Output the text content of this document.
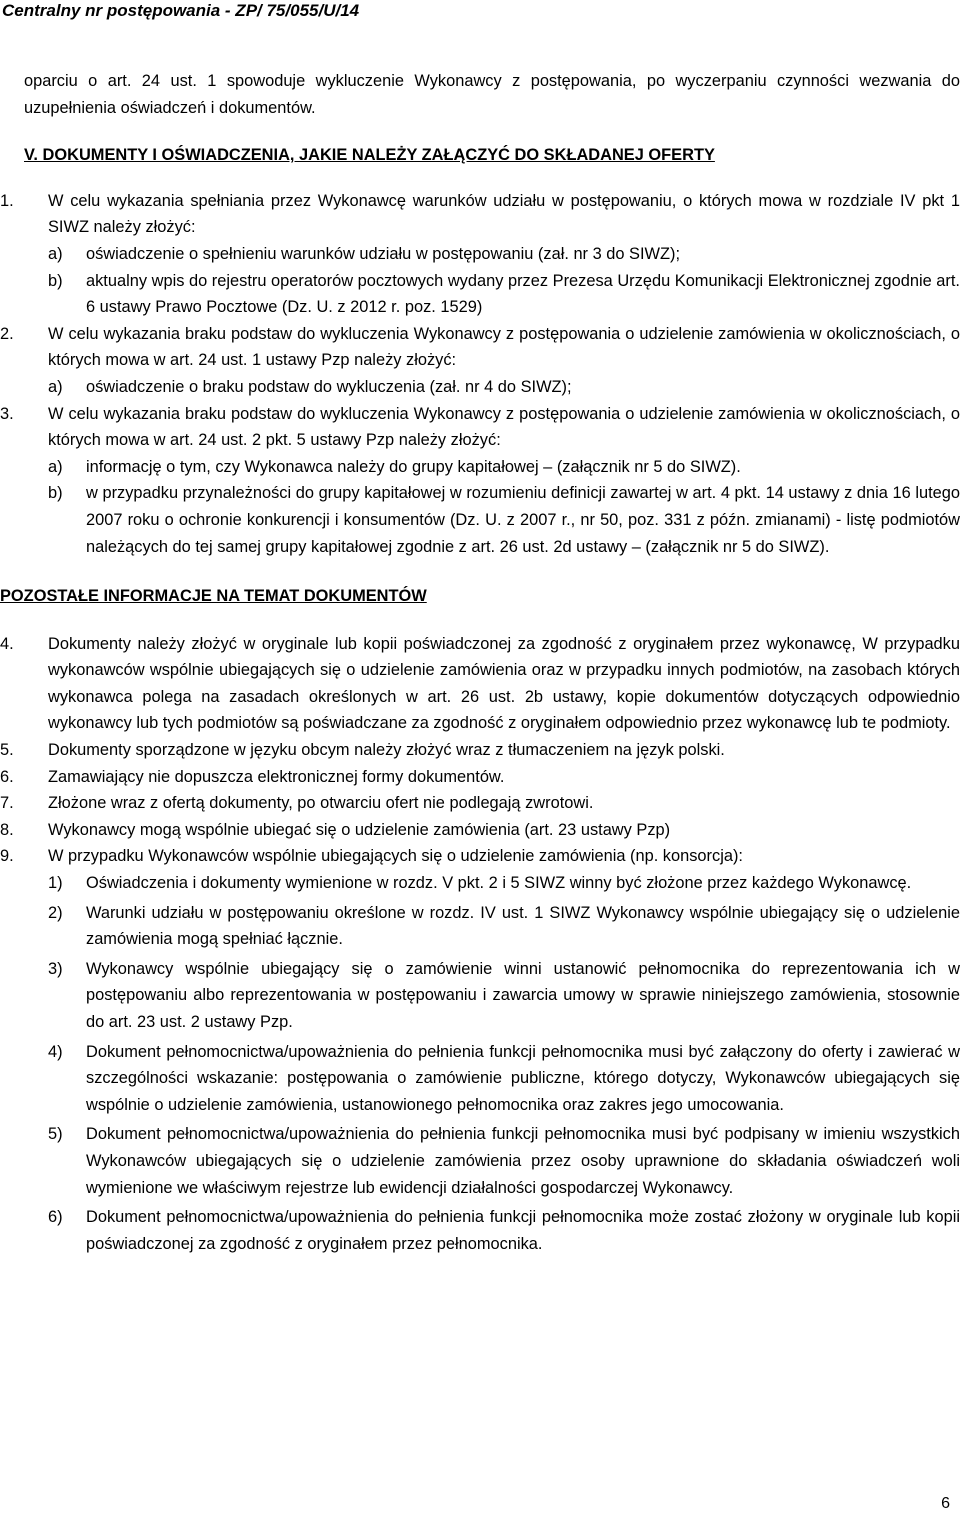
Centralny nr postępowania - ZP/ 75/055/U/14

oparciu o art. 24 ust. 1 spowoduje wykluczenie Wykonawcy z postępowania, po wyczerpaniu czynności wezwania do uzupełnienia oświadczeń i dokumentów.

V. DOKUMENTY I OŚWIADCZENIA, JAKIE NALEŻY ZAŁĄCZYĆ DO SKŁADANEJ OFERTY

1.	W celu wykazania spełniania przez Wykonawcę warunków udziału w postępowaniu, o których mowa w rozdziale IV pkt 1 SIWZ należy złożyć:
a)	oświadczenie o spełnieniu warunków udziału w postępowaniu (zał. nr 3 do SIWZ);
b)	aktualny wpis do rejestru operatorów pocztowych wydany przez Prezesa Urzędu Komunikacji Elektronicznej zgodnie art. 6 ustawy Prawo Pocztowe (Dz. U. z 2012 r. poz. 1529)
2.	W celu wykazania braku podstaw do wykluczenia Wykonawcy z postępowania o udzielenie zamówienia w okolicznościach, o których mowa w art. 24 ust. 1 ustawy Pzp należy złożyć:
a)	oświadczenie o braku podstaw do wykluczenia (zał. nr 4 do SIWZ);
3.	W celu wykazania braku podstaw do wykluczenia Wykonawcy z postępowania o udzielenie zamówienia w okolicznościach, o których mowa w art. 24 ust. 2 pkt. 5 ustawy Pzp należy złożyć:
a)	informację o tym, czy Wykonawca należy do grupy kapitałowej – (załącznik nr 5 do SIWZ).
b)	w przypadku przynależności do grupy kapitałowej w rozumieniu definicji zawartej w art. 4 pkt. 14 ustawy z dnia 16 lutego 2007 roku o ochronie konkurencji i konsumentów (Dz. U. z 2007 r., nr 50, poz. 331 z późn. zmianami) - listę podmiotów należących do tej samej grupy kapitałowej zgodnie z art. 26 ust. 2d ustawy – (załącznik nr 5 do SIWZ).

POZOSTAŁE INFORMACJE NA TEMAT DOKUMENTÓW

4.	Dokumenty należy złożyć w oryginale lub kopii poświadczonej za zgodność z oryginałem przez wykonawcę, W przypadku wykonawców wspólnie ubiegających się o udzielenie zamówienia oraz w przypadku innych podmiotów, na zasobach których wykonawca polega na zasadach określonych w art. 26 ust. 2b ustawy, kopie dokumentów dotyczących odpowiednio wykonawcy lub tych podmiotów są poświadczane za zgodność z oryginałem odpowiednio przez wykonawcę lub te podmioty.
5.	Dokumenty sporządzone w języku obcym należy złożyć wraz z tłumaczeniem na język polski.
6.	Zamawiający nie dopuszcza elektronicznej formy dokumentów.
7.	Złożone wraz z ofertą dokumenty, po otwarciu ofert nie podlegają zwrotowi.
8.	Wykonawcy mogą wspólnie ubiegać się o udzielenie zamówienia (art. 23 ustawy Pzp)
9.	W przypadku Wykonawców wspólnie ubiegających się o udzielenie zamówienia (np. konsorcja):
1)	Oświadczenia i dokumenty wymienione w rozdz. V pkt. 2 i 5 SIWZ winny być złożone przez każdego Wykonawcę.
2)	Warunki udziału w postępowaniu określone w rozdz. IV ust. 1 SIWZ Wykonawcy wspólnie ubiegający się o udzielenie zamówienia mogą spełniać łącznie.
3)	Wykonawcy wspólnie ubiegający się o zamówienie winni ustanowić pełnomocnika do reprezentowania ich w postępowaniu albo reprezentowania w postępowaniu i zawarcia umowy w sprawie niniejszego zamówienia, stosownie do art. 23 ust. 2 ustawy Pzp.
4)	Dokument pełnomocnictwa/upoważnienia do pełnienia funkcji pełnomocnika musi być załączony do oferty i zawierać w szczególności wskazanie: postępowania o zamówienie publiczne, którego dotyczy, Wykonawców ubiegających się wspólnie o udzielenie zamówienia, ustanowionego pełnomocnika oraz zakres jego umocowania.
5)	Dokument pełnomocnictwa/upoważnienia do pełnienia funkcji pełnomocnika musi być podpisany w imieniu wszystkich Wykonawców ubiegających się o udzielenie zamówienia przez osoby uprawnione do składania oświadczeń woli wymienione we właściwym rejestrze lub ewidencji działalności gospodarczej Wykonawcy.
6)	Dokument pełnomocnictwa/upoważnienia do pełnienia funkcji pełnomocnika może zostać złożony w oryginale lub kopii poświadczonej za zgodność z oryginałem przez pełnomocnika.
6
